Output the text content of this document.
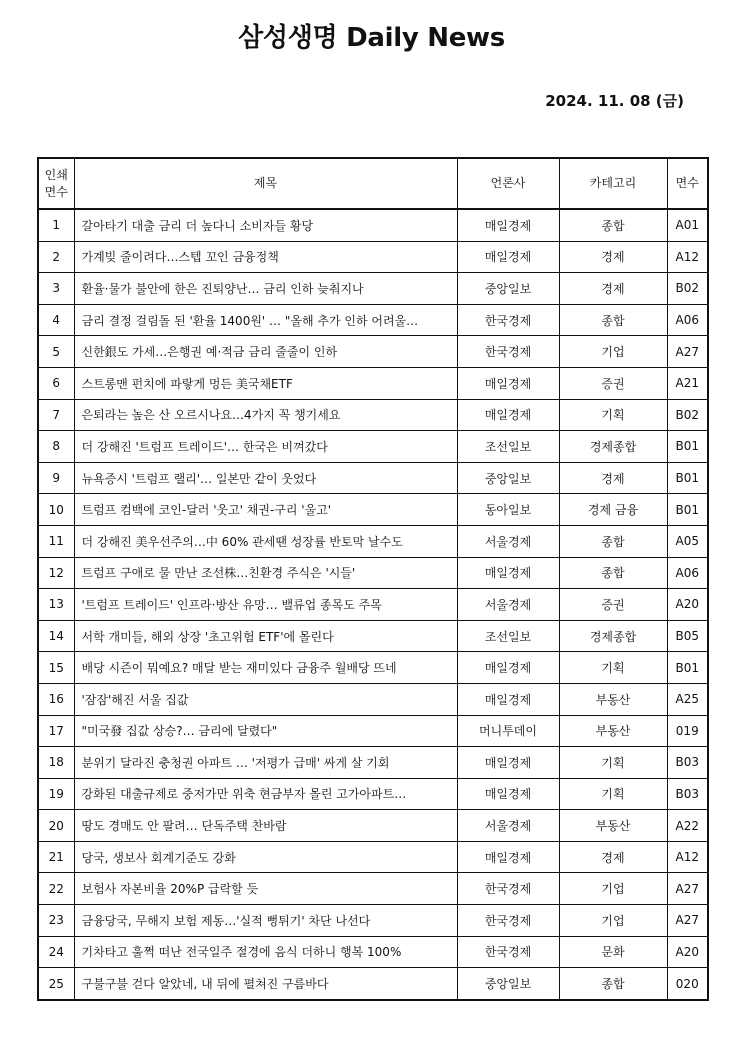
삼성생명 Daily News
2024. 11. 08 (금)
인쇄
면수	제목	언론사	카테고리	면수
1	갈아타기 대출 금리 더 높다니 소비자들 황당	매일경제	종합	A01
2	가계빚 줄이려다…스텝 꼬인 금융정책	매일경제	경제	A12
3	환율·물가 불안에 한은 진퇴양난… 금리 인하 늦춰지나	중앙일보	경제	B02
4	금리 결정 걸림돌 된 '환율 1400원' … "올해 추가 인하 어려울…	한국경제	종합	A06
5	신한銀도 가세…은행권 예·적금 금리 줄줄이 인하	한국경제	기업	A27
6	스트롱맨 펀치에 파랗게 멍든 美국채ETF	매일경제	증권	A21
7	은퇴라는 높은 산 오르시나요…4가지 꼭 챙기세요	매일경제	기획	B02
8	더 강해진 '트럼프 트레이드'… 한국은 비껴갔다	조선일보	경제종합	B01
9	뉴욕증시 '트럼프 랠리'… 일본만 같이 웃었다	중앙일보	경제	B01
10	트럼프 컴백에 코인-달러 '웃고' 채권-구리 '울고'	동아일보	경제 금융	B01
11	더 강해진 美우선주의…中 60% 관세땐 성장률 반토막 날수도	서울경제	종합	A05
12	트럼프 구애로 물 만난 조선株…친환경 주식은 '시들'	매일경제	종합	A06
13	'트럼프 트레이드' 인프라·방산 유망… 밸류업 종목도 주목	서울경제	증권	A20
14	서학 개미들, 해외 상장 '초고위험 ETF'에 몰린다	조선일보	경제종합	B05
15	배당 시즌이 뭐예요? 매달 받는 재미있다 금융주 월배당 뜨네	매일경제	기획	B01
16	'잠잠'해진 서울 집값	매일경제	부동산	A25
17	"미국發 집값 상승?… 금리에 달렸다"	머니투데이	부동산	019
18	분위기 달라진 충청권 아파트 … '저평가 급매' 싸게 살 기회	매일경제	기획	B03
19	강화된 대출규제로 중저가만 위축 현금부자 몰린 고가아파트…	매일경제	기획	B03
20	땅도 경매도 안 팔려… 단독주택 찬바람	서울경제	부동산	A22
21	당국, 생보사 회계기준도 강화	매일경제	경제	A12
22	보험사 자본비율 20%P 급락할 듯	한국경제	기업	A27
23	금융당국, 무해지 보험 제동…'실적 뻥튀기' 차단 나선다	한국경제	기업	A27
24	기차타고 훌쩍 떠난 전국일주 절경에 음식 더하니 행복 100%	한국경제	문화	A20
25	구불구불 걷다 알았네, 내 뒤에 펼쳐진 구름바다	중앙일보	종합	020
